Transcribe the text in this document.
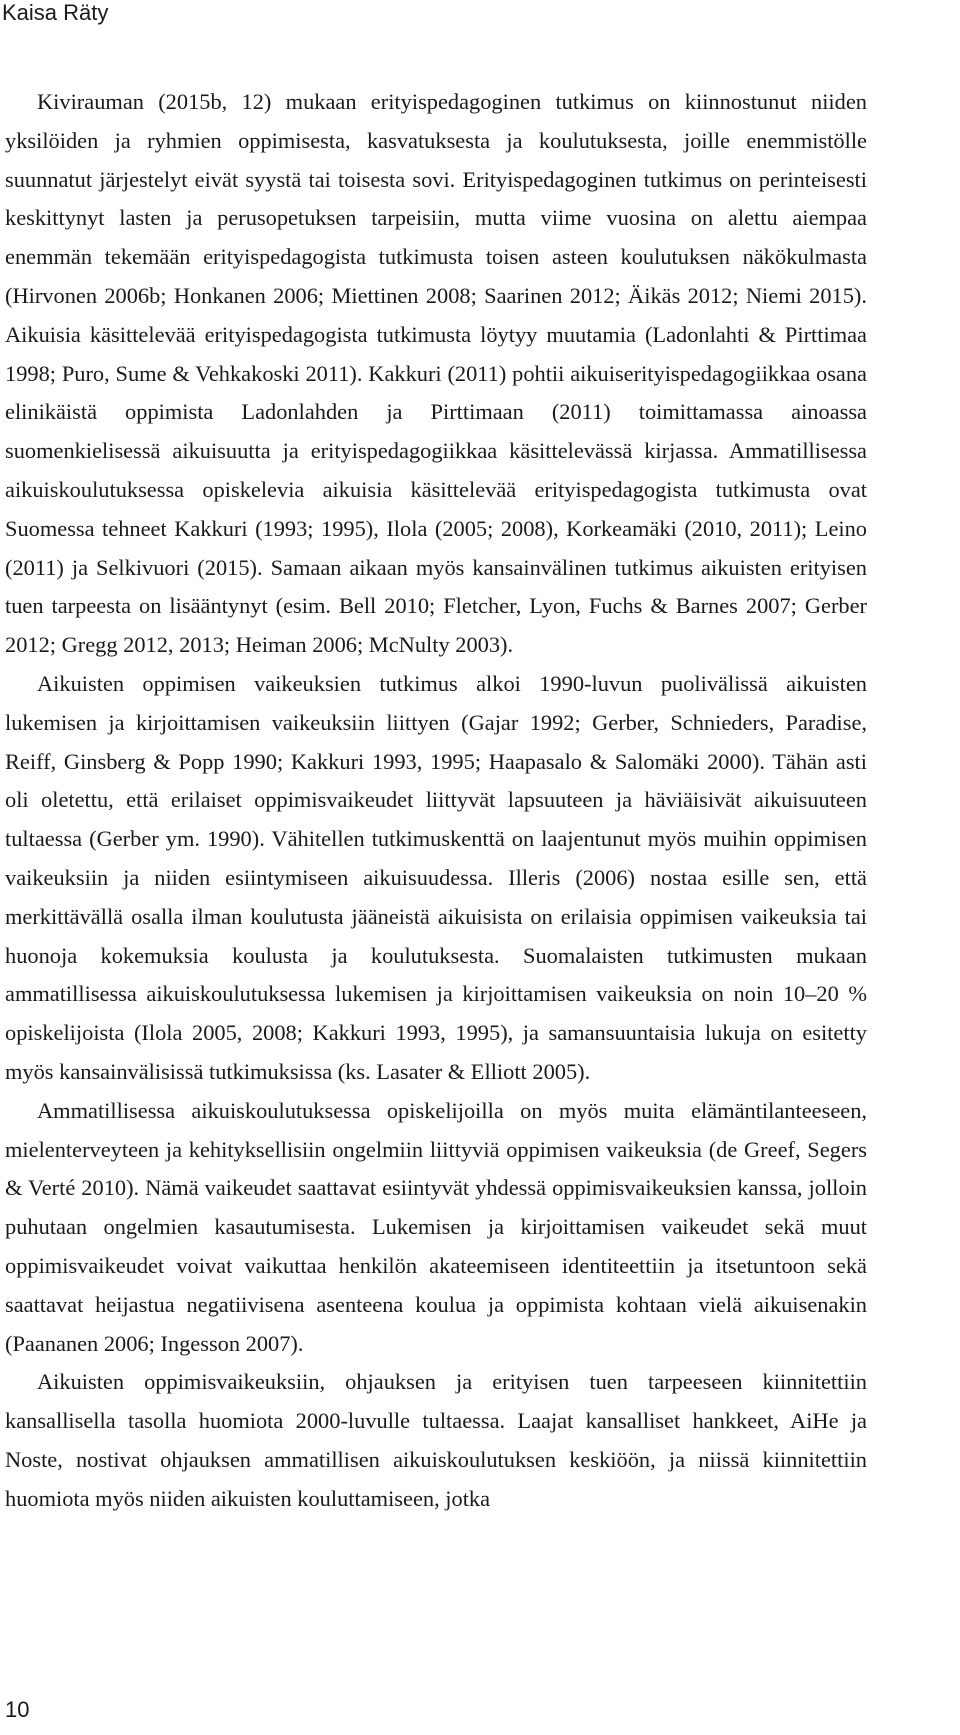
Kaisa Räty

Kivirauman (2015b, 12) mukaan erityispedagoginen tutkimus on kiinnostunut niiden yksilöiden ja ryhmien oppimisesta, kasvatuksesta ja koulutuksesta, joille enemmistölle suunnatut järjestelyt eivät syystä tai toisesta sovi. Erityispedagoginen tutkimus on perinteisesti keskittynyt lasten ja perusopetuksen tarpeisiin, mutta viime vuosina on alettu aiempaa enemmän tekemään erityispedagogista tutkimusta toisen asteen koulutuksen näkökulmasta (Hirvonen 2006b; Honkanen 2006; Miettinen 2008; Saarinen 2012; Äikäs 2012; Niemi 2015). Aikuisia käsittelevää erityispedagogista tutkimusta löytyy muutamia (Ladonlahti & Pirttimaa 1998; Puro, Sume & Vehkakoski 2011). Kakkuri (2011) pohtii aikuiserityispedagogiikkaa osana elinikäistä oppimista Ladonlahden ja Pirttimaan (2011) toimittamassa ainoassa suomenkielisessä aikuisuutta ja erityispedagogiikkaa käsittelevässä kirjassa. Ammatillisessa aikuiskoulutuksessa opiskelevia aikuisia käsittelevää erityispedagogista tutkimusta ovat Suomessa tehneet Kakkuri (1993; 1995), Ilola (2005; 2008), Korkeamäki (2010, 2011); Leino (2011) ja Selkivuori (2015). Samaan aikaan myös kansainvälinen tutkimus aikuisten erityisen tuen tarpeesta on lisääntynyt (esim. Bell 2010; Fletcher, Lyon, Fuchs & Barnes 2007; Gerber 2012; Gregg 2012, 2013; Heiman 2006; McNulty 2003).

Aikuisten oppimisen vaikeuksien tutkimus alkoi 1990-luvun puolivälissä aikuisten lukemisen ja kirjoittamisen vaikeuksiin liittyen (Gajar 1992; Gerber, Schnieders, Paradise, Reiff, Ginsberg & Popp 1990; Kakkuri 1993, 1995; Haapasalo & Salomäki 2000). Tähän asti oli oletettu, että erilaiset oppimisvaikeudet liittyvät lapsuuteen ja häviäisivät aikuisuuteen tultaessa (Gerber ym. 1990). Vähitellen tutkimuskenttä on laajentunut myös muihin oppimisen vaikeuksiin ja niiden esiintymiseen aikuisuudessa. Illeris (2006) nostaa esille sen, että merkittävällä osalla ilman koulutusta jääneistä aikuisista on erilaisia oppimisen vaikeuksia tai huonoja kokemuksia koulusta ja koulutuksesta. Suomalaisten tutkimusten mukaan ammatillisessa aikuiskoulutuksessa lukemisen ja kirjoittamisen vaikeuksia on noin 10–20 % opiskelijoista (Ilola 2005, 2008; Kakkuri 1993, 1995), ja samansuuntaisia lukuja on esitetty myös kansainvälisissä tutkimuksissa (ks. Lasater & Elliott 2005).

Ammatillisessa aikuiskoulutuksessa opiskelijoilla on myös muita elämäntilanteeseen, mielenterveyteen ja kehityksellisiin ongelmiin liittyviä oppimisen vaikeuksia (de Greef, Segers & Verté 2010). Nämä vaikeudet saattavat esiintyvät yhdessä oppimisvaikeuksien kanssa, jolloin puhutaan ongelmien kasautumisesta. Lukemisen ja kirjoittamisen vaikeudet sekä muut oppimisvaikeudet voivat vaikuttaa henkilön akateemiseen identiteettiin ja itsetuntoon sekä saattavat heijastua negatiivisena asenteena koulua ja oppimista kohtaan vielä aikuisenakin (Paananen 2006; Ingesson 2007).

Aikuisten oppimisvaikeuksiin, ohjauksen ja erityisen tuen tarpeeseen kiinnitettiin kansallisella tasolla huomiota 2000-luvulle tultaessa. Laajat kansalliset hankkeet, AiHe ja Noste, nostivat ohjauksen ammatillisen aikuiskoulutuksen keskiöön, ja niissä kiinnitettiin huomiota myös niiden aikuisten kouluttamiseen, jotka

10
